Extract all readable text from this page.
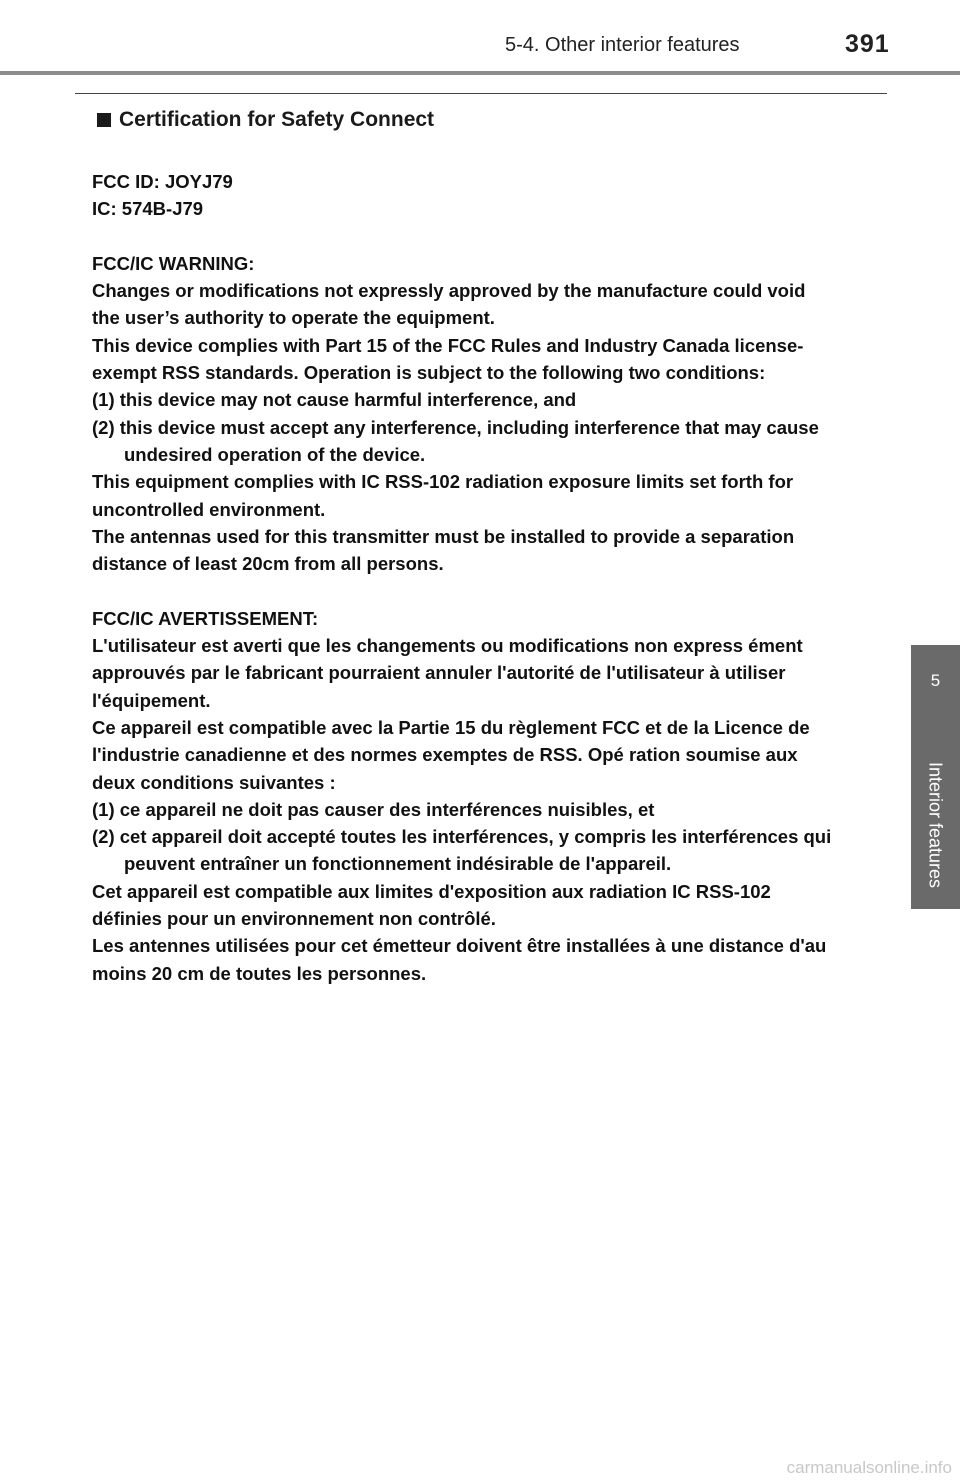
5-4. Other interior features	391
5
Interior features
Certification for Safety Connect

FCC ID: JOYJ79

IC: 574B-J79

FCC/IC WARNING:

Changes or modifications not expressly approved by the manufacture could void the user’s authority to operate the equipment.

This device complies with Part 15 of the FCC Rules and Industry Canada license-exempt RSS standards. Operation is subject to the following two conditions:

(1) this device may not cause harmful interference, and

(2) this device must accept any interference, including interference that may cause undesired operation of the device.

This equipment complies with IC RSS-102 radiation exposure limits set forth for uncontrolled environment.

The antennas used for this transmitter must be installed to provide a separation distance of least 20cm from all persons.

FCC/IC AVERTISSEMENT:

L'utilisateur est averti que les changements ou modifications non express ément approuvés par le fabricant pourraient annuler l'autorité de l'utilisateur à utiliser l'équipement.

Ce appareil est compatible avec la Partie 15 du règlement FCC et de la Licence de l'industrie canadienne et des normes exemptes de RSS. Opé ration soumise aux deux conditions suivantes :

(1) ce appareil ne doit pas causer des interférences nuisibles, et

(2) cet appareil doit accepté toutes les interférences, y compris les interférences qui peuvent entraîner un fonctionnement indésirable de l'appareil.

Cet appareil est compatible aux limites d'exposition aux radiation IC RSS-102 définies pour un environnement non contrôlé.

Les antennes utilisées pour cet émetteur doivent être installées à une distance d'au moins 20 cm de toutes les personnes.

carmanualsonline.info
